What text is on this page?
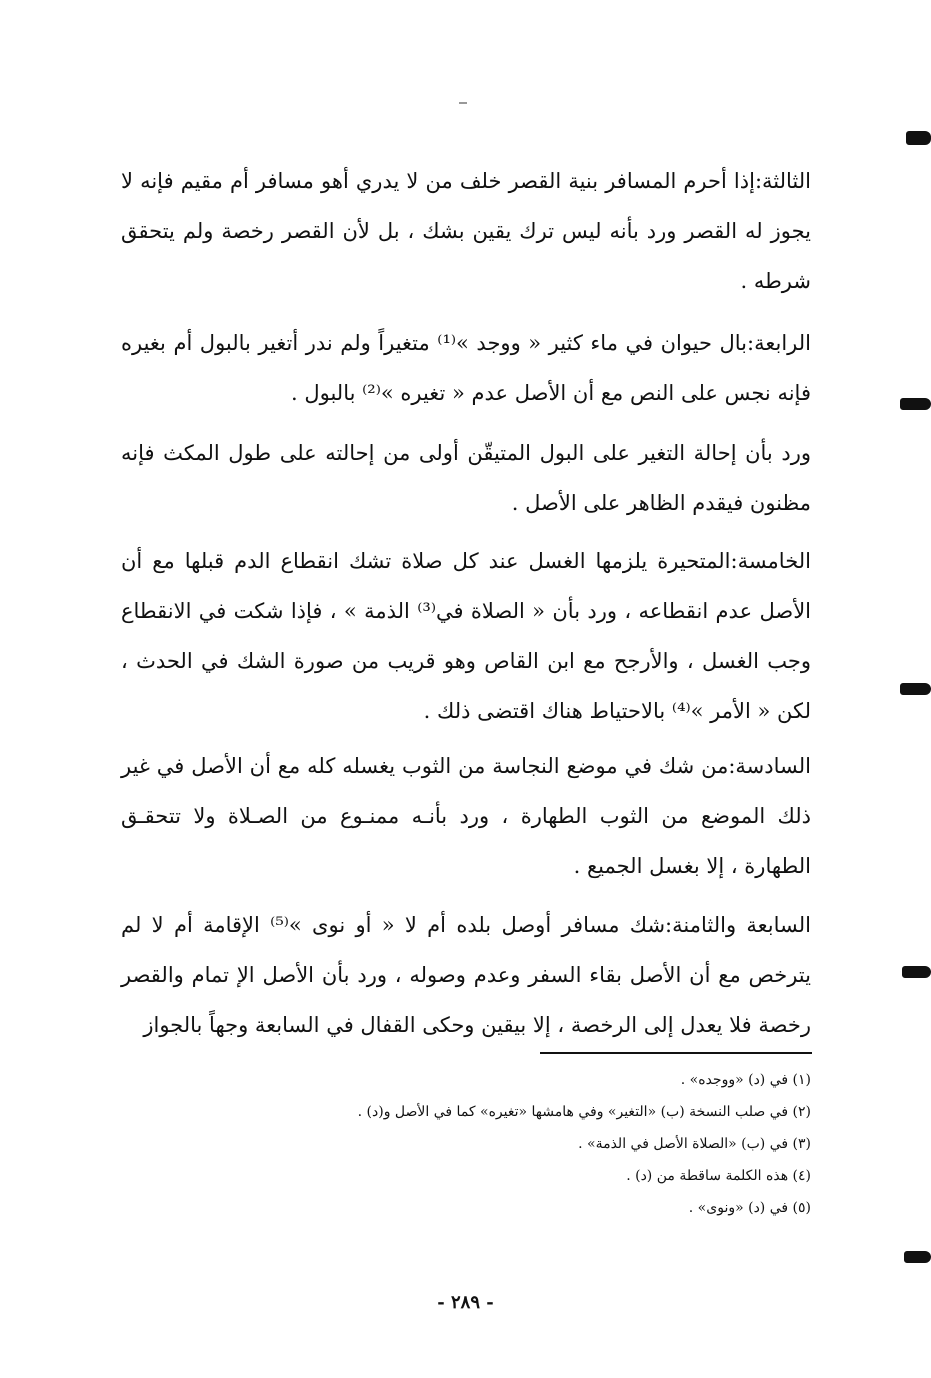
الثالثة:إذا أحرم المسافر بنية القصر خلف من لا يدري أهو مسافر أم مقيم فإنه لا يجوز له القصر ورد بأنه ليس ترك يقين بشك ، بل لأن القصر رخصة ولم يتحقق شرطه .
الرابعة:بال حيوان في ماء كثير « ووجد »⁽¹⁾ متغيراً ولم ندر أتغير بالبول أم بغيره فإنه نجس على النص مع أن الأصل عدم « تغيره »⁽²⁾ بالبول .
ورد بأن إحالة التغير على البول المتيقّن أولى من إحالته على طول المكث فإنه مظنون فيقدم الظاهر على الأصل .
الخامسة:المتحيرة يلزمها الغسل عند كل صلاة تشك انقطاع الدم قبلها مع أن الأصل عدم انقطاعه ، ورد بأن « الصلاة في⁽³⁾ الذمة » ، فإذا شكت في الانقطاع وجب الغسل ، والأرجح مع ابن القاص وهو قريب من صورة الشك في الحدث ، لكن « الأمر »⁽⁴⁾ بالاحتياط هناك اقتضى ذلك .
السادسة:من شك في موضع النجاسة من الثوب يغسله كله مع أن الأصل في غير ذلك الموضع من الثوب الطهارة ، ورد بأنـه ممنـوع من الصـلاة ولا تتحقـق الطهارة ، إلا بغسل الجميع .
السابعة والثامنة:شك مسافر أوصل بلده أم لا « أو نوى »⁽⁵⁾ الإقامة أم لا لم يترخص مع أن الأصل بقاء السفر وعدم وصوله ، ورد بأن الأصل الإ تمام والقصر رخصة فلا يعدل إلى الرخصة ، إلا بيقين وحكى القفال في السابعة وجهاً بالجواز
(١) في (د) «ووجده» .
(٢) في صلب النسخة (ب) «التغير» وفي هامشها «تغيره» كما في الأصل و(د) .
(٣) في (ب) «الصلاة الأصل في الذمة» .
(٤) هذه الكلمة ساقطة من (د) .
(٥) في (د) «ونوى» .
- ٢٨٩ -
